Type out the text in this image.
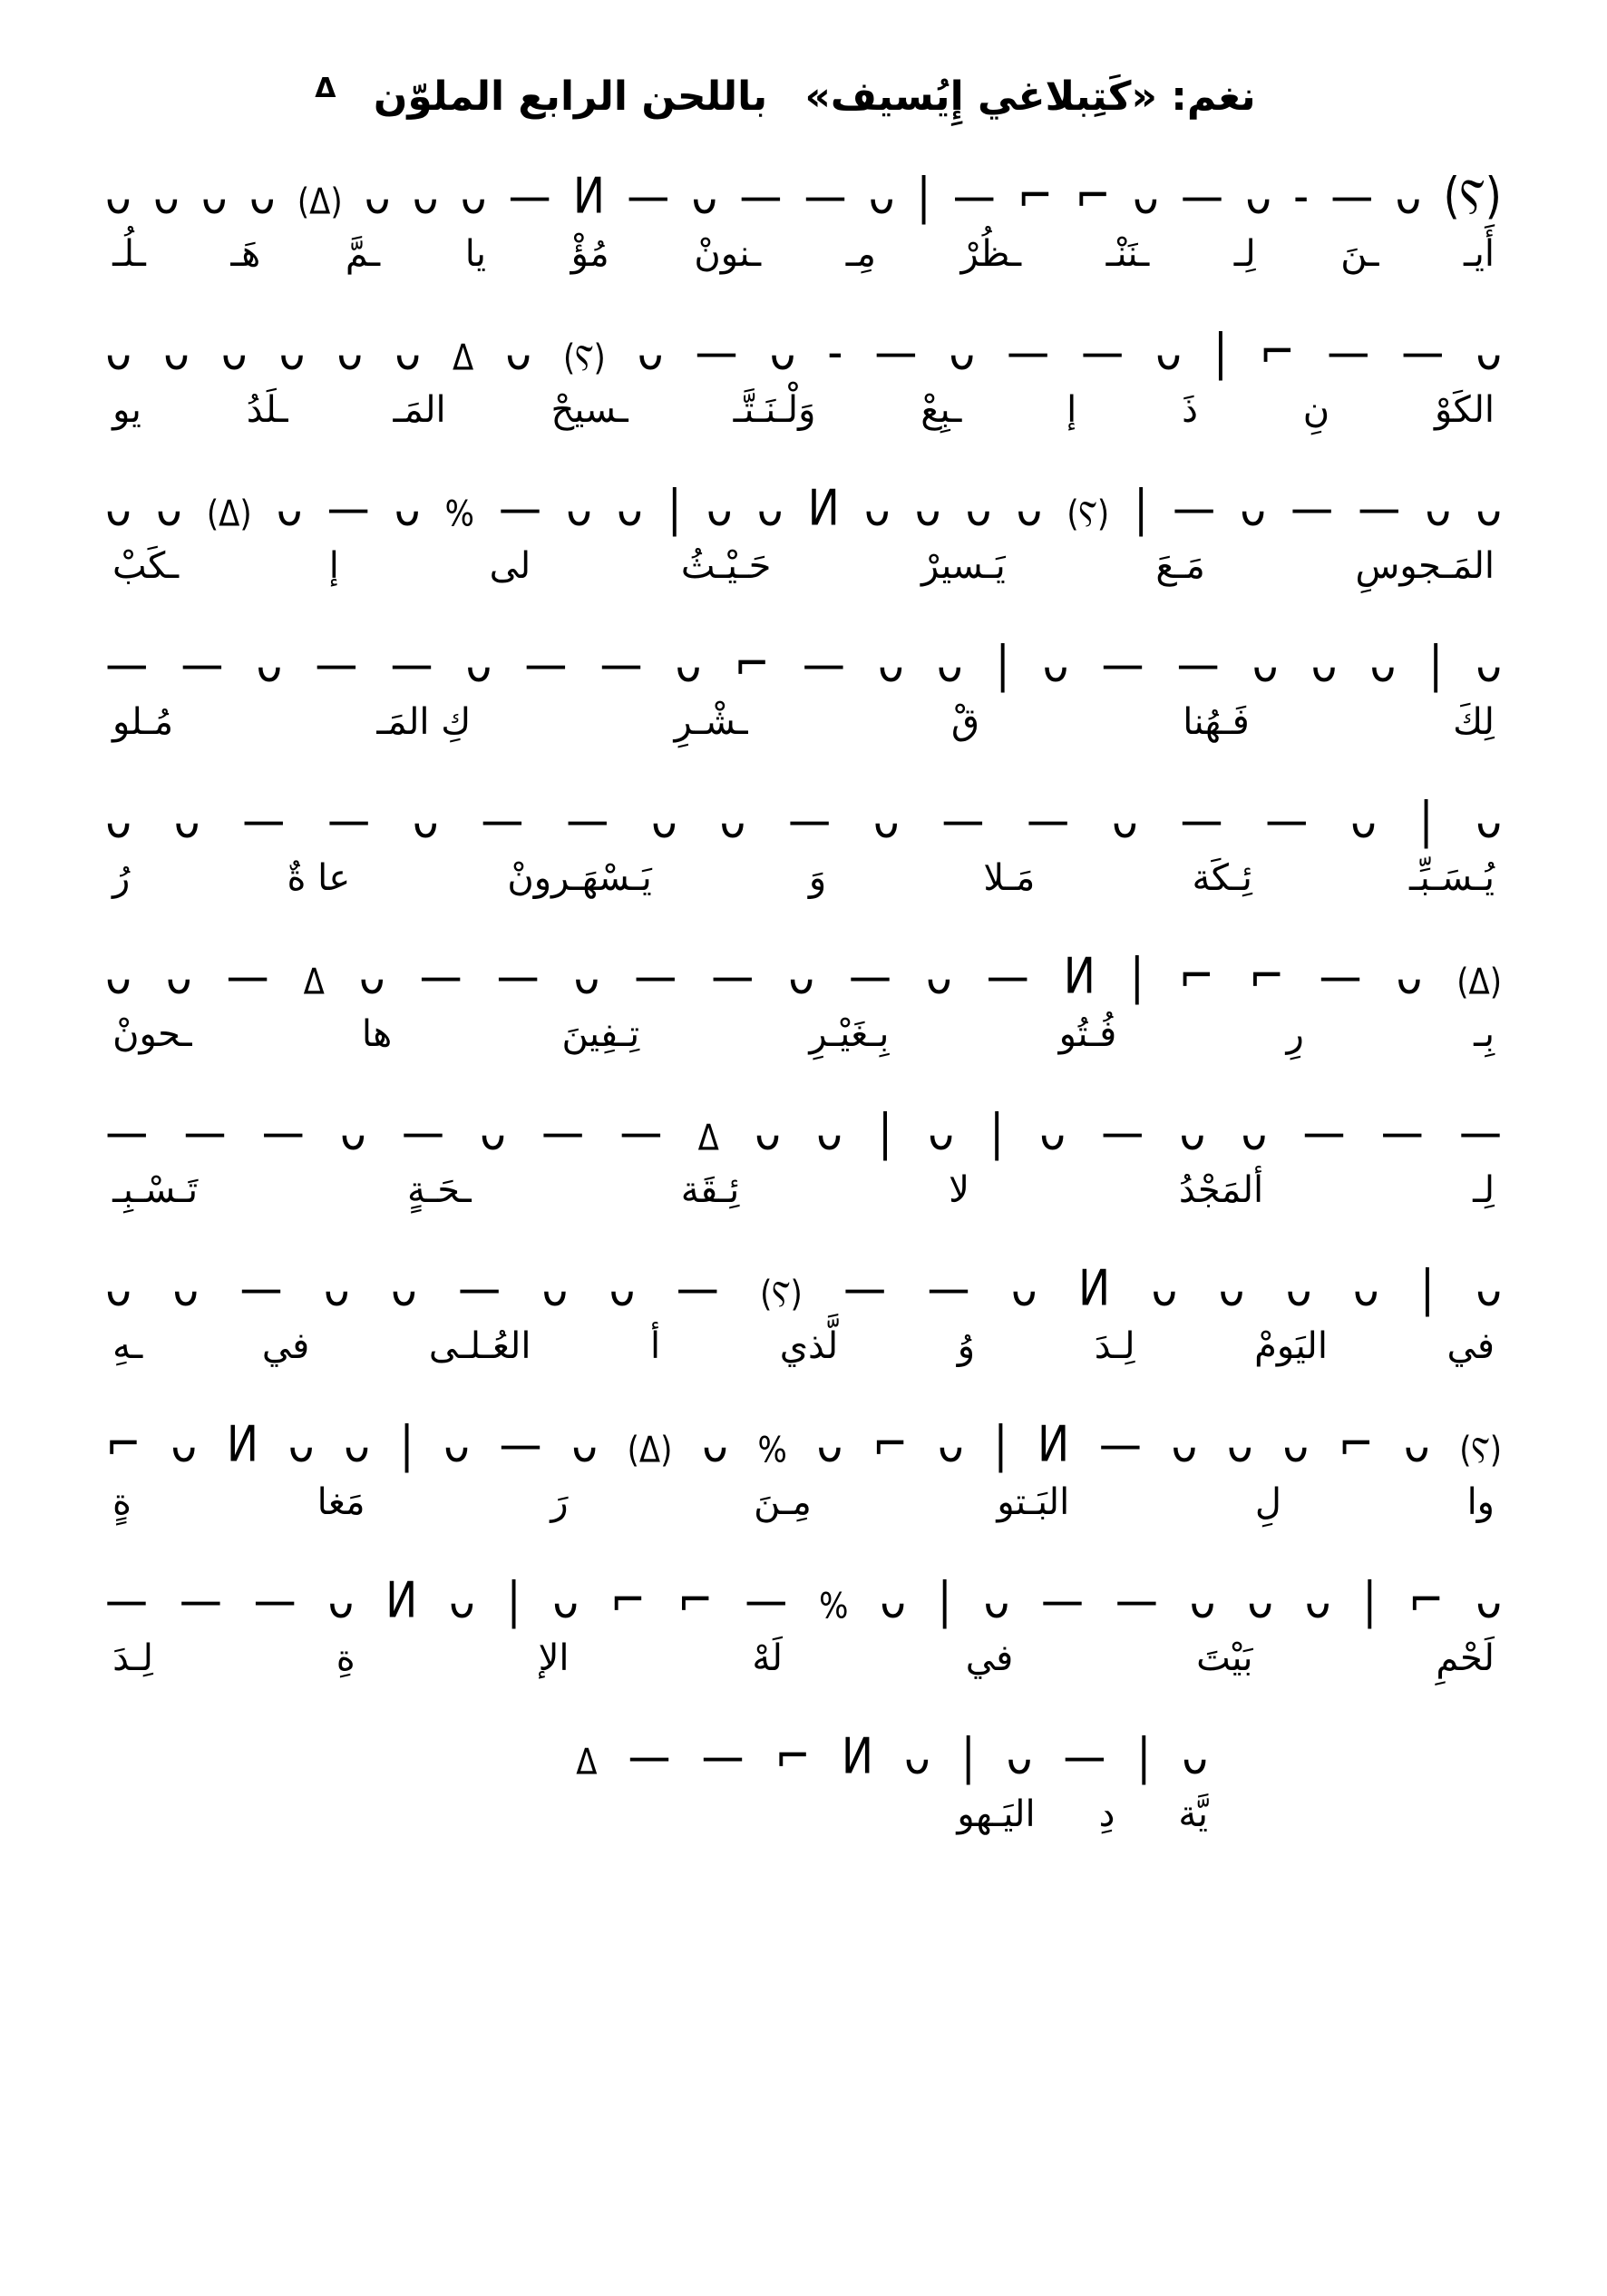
نغم: «كَتِبلاغي إِيُسيف» باللحن الرابع الملوّن Δ
(Ⲋ)
ᴗ
—
-
ᴗ
—
ᴗ
⌐
⌐
—
|
ᴗ
—
—
ᴗ
—
Ͷ
—
ᴗ
ᴗ
ᴗ
(Δ)
ᴗ
ᴗ
ᴗ
ᴗ
أَيـ
ـنَ
لِـ
ـنَنْـ
ـظُرْ
مِـ
ـنونْ
مُؤْ
يا
ـمَّ
هَـ
ـلُـ
ᴗ
—
—
⌐
|
ᴗ
—
—
ᴗ
—
-
ᴗ
—
ᴗ
(Ⲋ)
ᴗ
Δ
ᴗ
ᴗ
ᴗ
ᴗ
ᴗ
ᴗ
الكَوْ
نِ
ذَ
إ
ـبِعْ
وَلْـنَـتَّـ
ـسيحْ
المَـ
ـلَدُ
يو
ᴗ
ᴗ
—
—
ᴗ
—
|
(Ⲋ)
ᴗ
ᴗ
ᴗ
ᴗ
Ͷ
ᴗ
ᴗ
|
ᴗ
ᴗ
—
%
ᴗ
—
ᴗ
(Δ)
ᴗ
ᴗ
المَـجوسِ
مَـعَ
يَـسيرْ
حَـيْـثُ
لى
إ
ـكَبْ
ᴗ
|
ᴗ
ᴗ
ᴗ
—
—
ᴗ
|
ᴗ
ᴗ
—
⌐
ᴗ
—
—
ᴗ
—
—
ᴗ
—
—
لِكَ
فَـهُنا
قْ
ـشْـرِ
كِ المَـ
مُـلو
ᴗ
|
ᴗ
—
—
ᴗ
—
—
ᴗ
—
ᴗ
ᴗ
—
—
ᴗ
—
—
ᴗ
ᴗ
يُـسَـبِّـ
ئِـكَة
مَـلا
وَ
يَـسْهَـرونْ
عا ةٌ
رُ
(Δ)
ᴗ
—
⌐
⌐
|
Ͷ
—
ᴗ
—
ᴗ
—
—
ᴗ
—
—
ᴗ
Δ
—
ᴗ
ᴗ
بِـ
رِ
فُـتُو
بِـغَيْـرِ
تِـفِينَ
ها
ـحونْ
—
—
—
ᴗ
ᴗ
—
ᴗ
|
ᴗ
|
ᴗ
ᴗ
Δ
—
—
ᴗ
—
ᴗ
—
—
—
لِـ
ألمَجْدُ
لا
ئِـقَة
ـحَـةٍ
تَـسْـبِـ
ᴗ
|
ᴗ
ᴗ
ᴗ
ᴗ
Ͷ
ᴗ
—
—
(Ⲋ)
—
ᴗ
ᴗ
—
ᴗ
ᴗ
—
ᴗ
ᴗ
في
اليَومْ
لِـدَ
وُ
لَّذي
أ
العُـلـى
في
ـهِ
(Ⲋ)
ᴗ
⌐
ᴗ
ᴗ
ᴗ
—
Ͷ
|
ᴗ
⌐
ᴗ
%
ᴗ
(Δ)
ᴗ
—
ᴗ
|
ᴗ
ᴗ
Ͷ
ᴗ
⌐
وا
لِ
البَـتو
مِـنَ
رَ
مَغا
ةٍ
ᴗ
⌐
|
ᴗ
ᴗ
ᴗ
—
—
ᴗ
|
ᴗ
%
—
⌐
⌐
ᴗ
|
ᴗ
Ͷ
ᴗ
—
—
—
لَحْمِ
بَيْتَ
في
لَهْ
الإ
ةِ
لِـدَ
ᴗ
|
—
ᴗ
|
ᴗ
Ͷ
⌐
—
—
Δ
يَّة
دِ
اليَـهو
